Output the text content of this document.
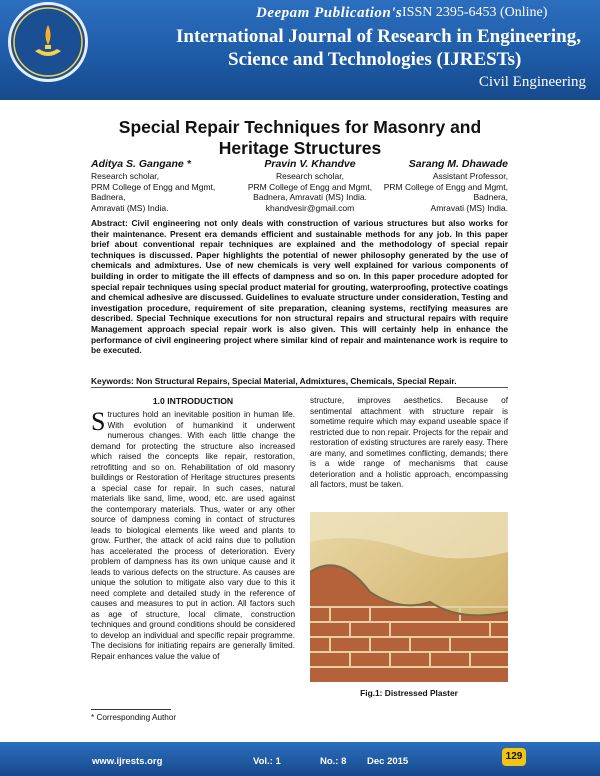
Deepam Publication's ISSN 2395-6453 (Online)
International Journal of Research in Engineering,
Science and Technologies (IJRESTs)
Civil Engineering
Special Repair Techniques for Masonry and
Heritage Structures
Aditya S. Gangane *
Research scholar,
PRM College of Engg and Mgmt,
Badnera,
Amravati (MS) India.
Pravin V. Khandve
Research scholar,
PRM College of Engg and Mgmt,
Badnera, Amravati (MS) India.
khandvesir@gmail.com
Sarang M. Dhawade
Assistant Professor,
PRM College of Engg and Mgmt,
Badnera,
Amravati (MS) India.
Abstract: Civil engineering not only deals with construction of various structures but also works for their maintenance. Present era demands efficient and sustainable methods for any job. In this paper brief about conventional repair techniques are explained and the methodology of special repair techniques is discussed. Paper highlights the potential of newer philosophy generated by the use of chemicals and admixtures. Use of new chemicals is very well explained for various components of building in order to mitigate the ill effects of dampness and so on. In this paper procedure adopted for special repair techniques using special product material for grouting, waterproofing, protective coatings and chemical adhesive are discussed. Guidelines to evaluate structure under consideration, Testing and investigation procedure, requirement of site preparation, cleaning systems, rectifying measures are described. Special Technique executions for non structural repairs and structural repairs with require Management approach special repair work is also given. This will certainly help in enhance the performance of civil engineering project where similar kind of repair and maintenance work is require to be executed.
Keywords: Non Structural Repairs, Special Material, Admixtures, Chemicals, Special Repair.
1.0 INTRODUCTION
Structures hold an inevitable position in human life. With evolution of humankind it underwent numerous changes. With each little change the demand for protecting the structure also increased which raised the concepts like repair, restoration, retrofitting and so on. Rehabilitation of old masonry buildings or Restoration of Heritage structures presents a special case for repair. In such cases, natural materials like sand, lime, wood, etc. are used against the contemporary materials. Thus, water or any other source of dampness coming in contact of structures leads to biological elements like weed and plants to grow. Further, the attack of acid rains due to pollution has accelerated the process of deterioration. Every problem of dampness has its own unique cause and it leads to various defects on the structure. As causes are unique the solution to mitigate also vary due to this it need complete and detailed study in the reference of causes and measures to put in action. All factors such as age of structure, local climate, construction techniques and ground conditions should be considered to develop an individual and specific repair programme. The decisions for initiating repairs are generally limited. Repair enhances value the value of
structure, improves aesthetics. Because of sentimental attachment with structure repair is sometime require which may expand useable space if restricted due to non repair. Projects for the repair and restoration of existing structures are rarely easy. There are many, and sometimes conflicting, demands; there is a wide range of mechanisms that cause deterioration and a holistic approach, encompassing all factors, must be taken.
Fig.1: Distressed Plaster
* Corresponding Author
www.ijrests.org	Vol.: 1	No.: 8 Dec 2015	129
